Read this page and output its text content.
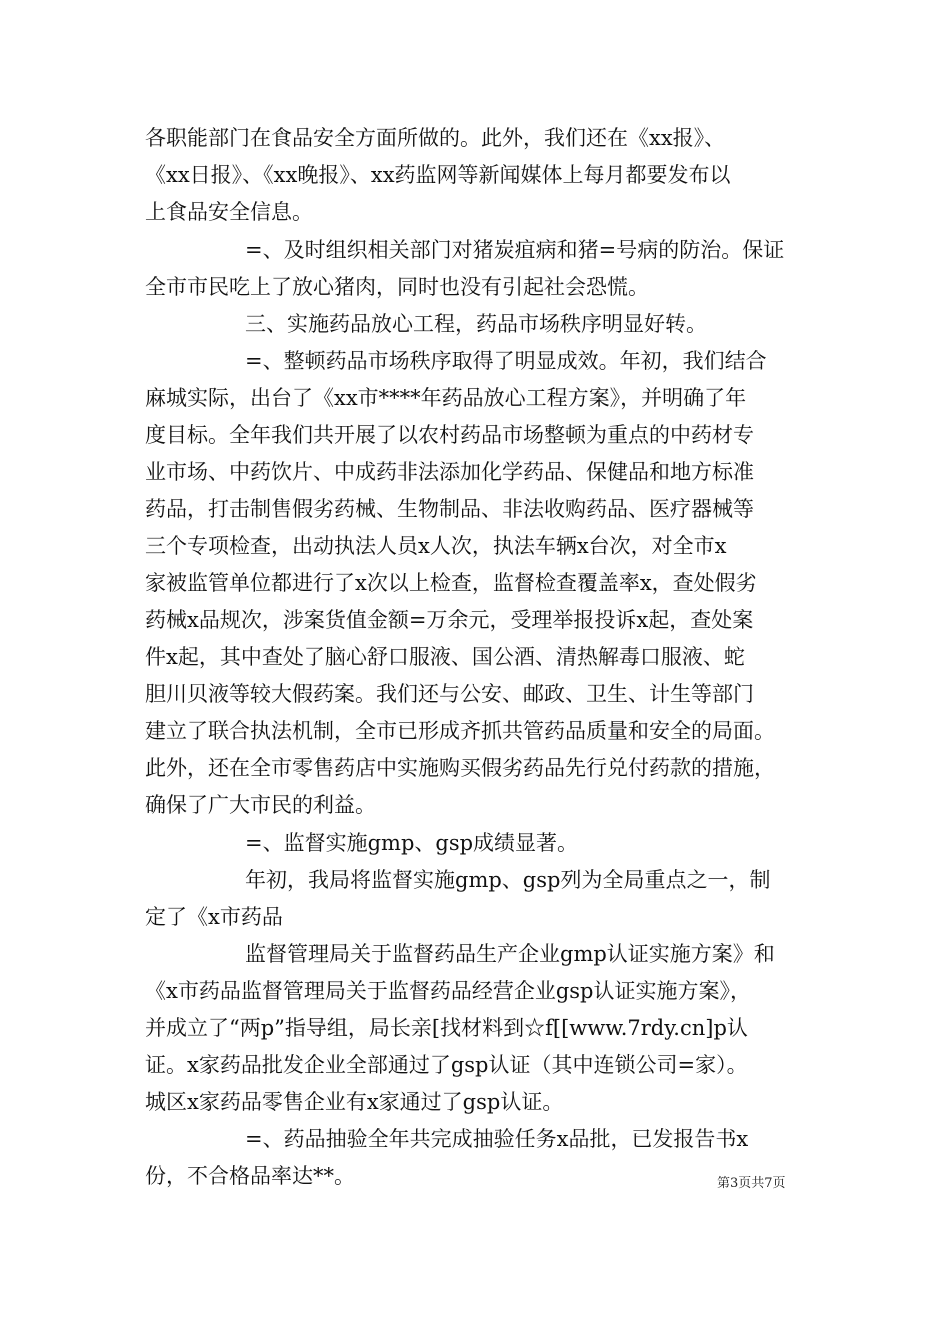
各职能部门在食品安全方面所做的。此外，我们还在《xx报》、
《xx日报》、《xx晚报》、xx药监网等新闻媒体上每月都要发布以
上食品安全信息。
=、及时组织相关部门对猪炭疽病和猪=号病的防治。保证
全市市民吃上了放心猪肉，同时也没有引起社会恐慌。
三、实施药品放心工程，药品市场秩序明显好转。
=、整顿药品市场秩序取得了明显成效。年初，我们结合
麻城实际，出台了《xx市****年药品放心工程方案》，并明确了年
度目标。全年我们共开展了以农村药品市场整顿为重点的中药材专
业市场、中药饮片、中成药非法添加化学药品、保健品和地方标准
药品，打击制售假劣药械、生物制品、非法收购药品、医疗器械等
三个专项检查，出动执法人员x人次，执法车辆x台次，对全市x
家被监管单位都进行了x次以上检查，监督检查覆盖率x，查处假劣
药械x品规次，涉案货值金额=万余元，受理举报投诉x起，查处案
件x起，其中查处了脑心舒口服液、国公酒、清热解毒口服液、蛇
胆川贝液等较大假药案。我们还与公安、邮政、卫生、计生等部门
建立了联合执法机制，全市已形成齐抓共管药品质量和安全的局面。
此外，还在全市零售药店中实施购买假劣药品先行兑付药款的措施，
确保了广大市民的利益。
=、监督实施gmp、gsp成绩显著。
年初，我局将监督实施gmp、gsp列为全局重点之一，制
定了《x市药品
监督管理局关于监督药品生产企业gmp认证实施方案》和
《x市药品监督管理局关于监督药品经营企业gsp认证实施方案》，
并成立了“两p”指导组，局长亲[找材料到☆f[[www.7rdy.cn]p认
证。x家药品批发企业全部通过了gsp认证（其中连锁公司=家）。
城区x家药品零售企业有x家通过了gsp认证。
=、药品抽验全年共完成抽验任务x品批，已发报告书x
份，不合格品率达**。	第3页共7页
